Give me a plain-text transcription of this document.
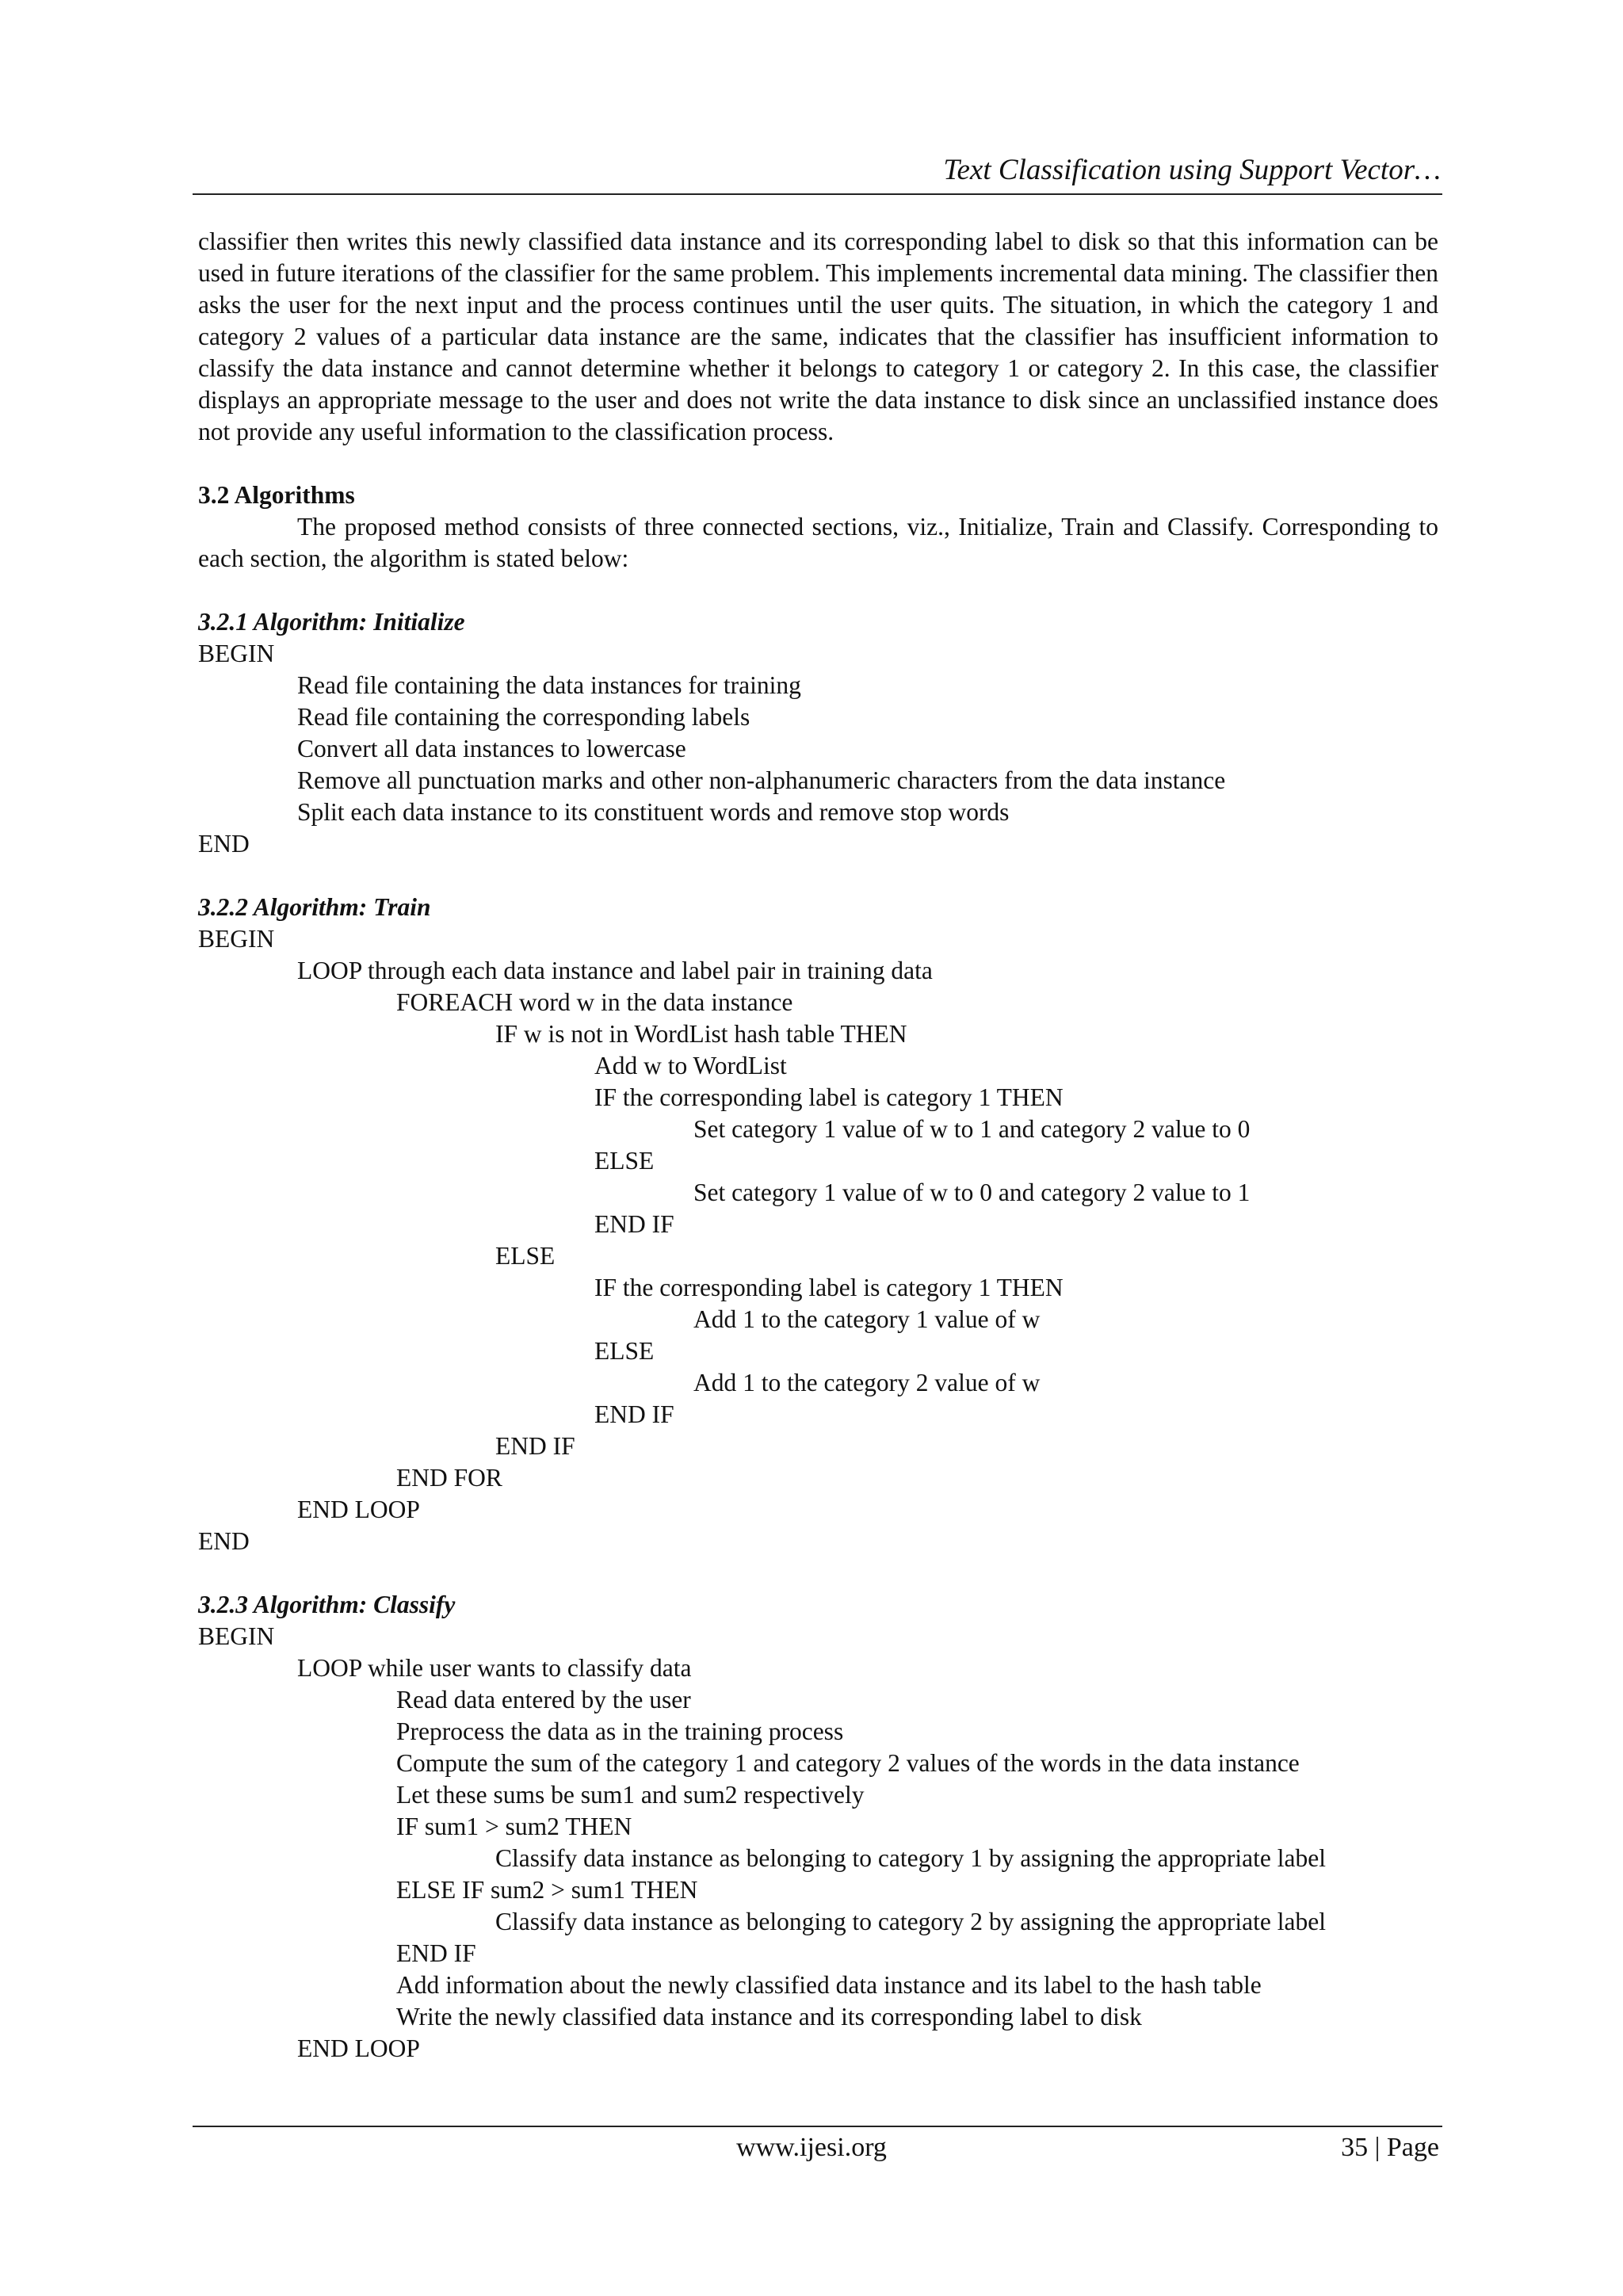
Text Classification using Support Vector…

classifier then writes this newly classified data instance and its corresponding label to disk so that this information can be used in future iterations of the classifier for the same problem. This implements incremental data mining. The classifier then asks the user for the next input and the process continues until the user quits. The situation, in which the category 1 and category 2 values of a particular data instance are the same, indicates that the classifier has insufficient information to classify the data instance and cannot determine whether it belongs to category 1 or category 2. In this case, the classifier displays an appropriate message to the user and does not write the data instance to disk since an unclassified instance does not provide any useful information to the classification process.

3.2 Algorithms

The proposed method consists of three connected sections, viz., Initialize, Train and Classify. Corresponding to each section, the algorithm is stated below:

3.2.1 Algorithm: Initialize

BEGIN

Read file containing the data instances for training

Read file containing the corresponding labels

Convert all data instances to lowercase

Remove all punctuation marks and other non-alphanumeric characters from the data instance

Split each data instance to its constituent words and remove stop words

END

3.2.2 Algorithm: Train

BEGIN

LOOP through each data instance and label pair in training data

FOREACH word w in the data instance

IF w is not in WordList hash table THEN

Add w to WordList

IF the corresponding label is category 1 THEN

Set category 1 value of w to 1 and category 2 value to 0

ELSE

Set category 1 value of w to 0 and category 2 value to 1

END IF

ELSE

IF the corresponding label is category 1 THEN

Add 1 to the category 1 value of w

ELSE

Add 1 to the category 2 value of w

END IF

END IF

END FOR

END LOOP

END

3.2.3 Algorithm: Classify

BEGIN

LOOP while user wants to classify data

Read data entered by the user

Preprocess the data as in the training process

Compute the sum of the category 1 and category 2 values of the words in the data instance

Let these sums be sum1 and sum2 respectively

IF sum1 > sum2 THEN

Classify data instance as belonging to category 1 by assigning the appropriate label

ELSE IF sum2 > sum1 THEN

Classify data instance as belonging to category 2 by assigning the appropriate label

END IF

Add information about the newly classified data instance and its label to the hash table

Write the newly classified data instance and its corresponding label to disk

END LOOP

www.ijesi.org	35 | Page
